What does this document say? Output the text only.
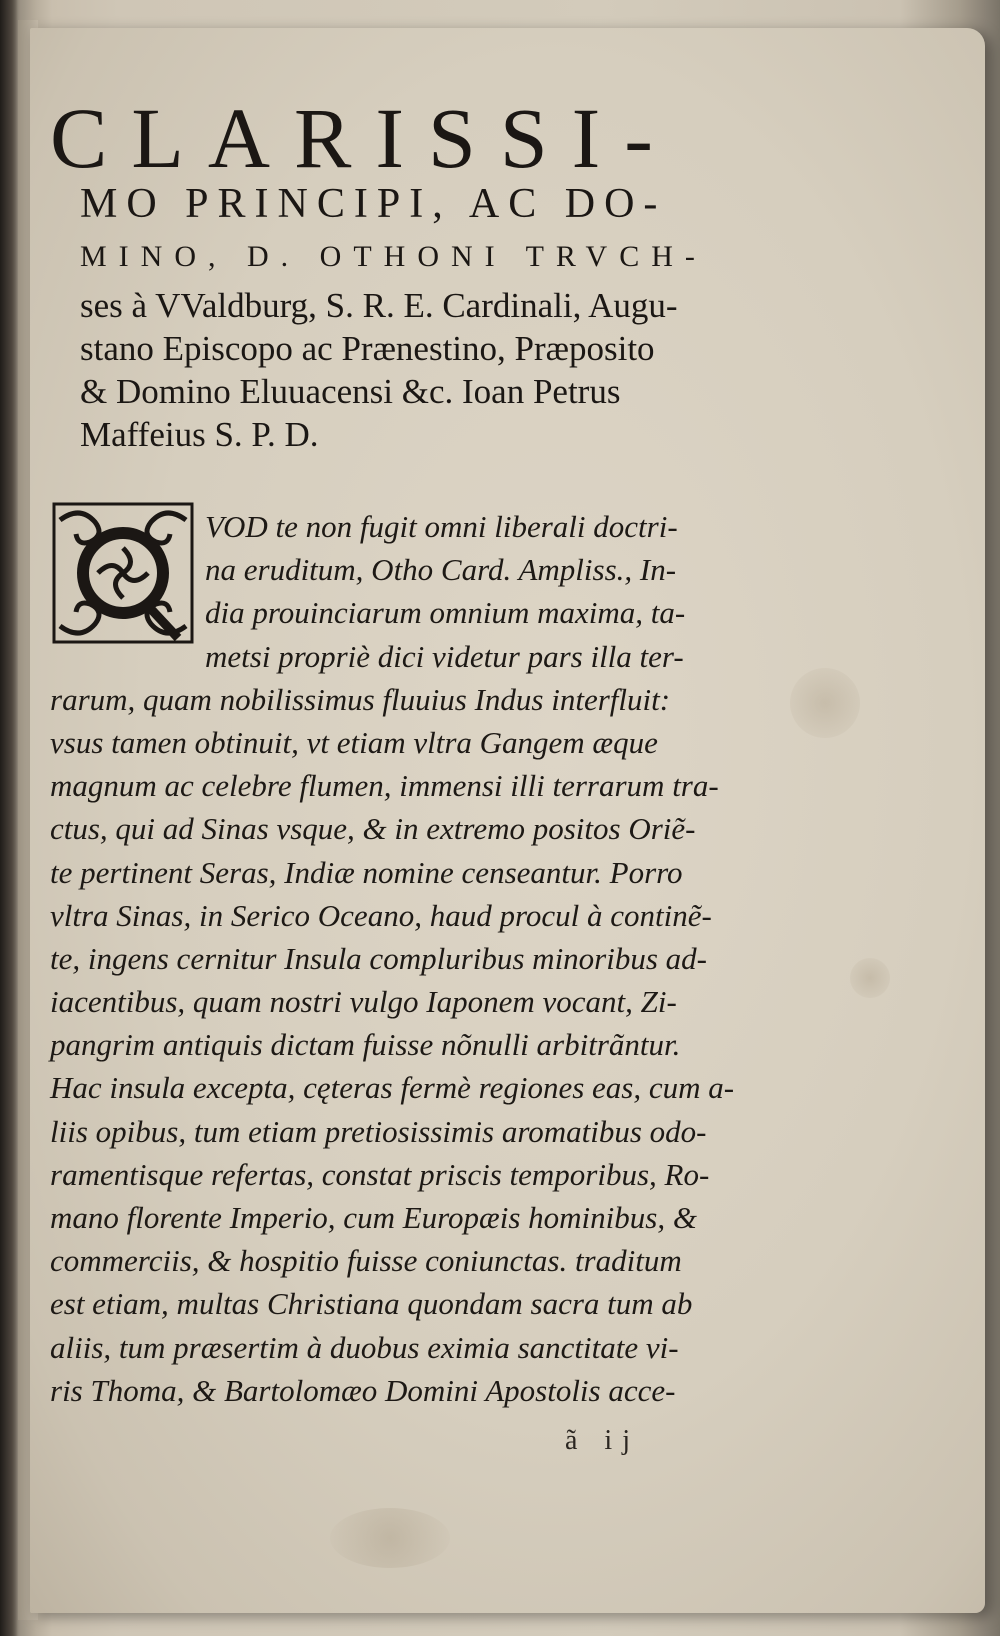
CLARISSI-

MO PRINCIPI, AC DO-

MINO, D. OTHONI TRVCH-

ses à VValdburg, S. R. E. Cardinali, Augu-
stano Episcopo ac Prænestino, Præposito
& Domino Eluuacensi &c. Ioan Petrus
Maffeius S. P. D.

VOD te non fugit omni liberali doctri-
na eruditum, Otho Card. Ampliss., In-
dia prouinciarum omnium maxima, ta-
metsi propriè dici videtur pars illa ter-
rarum, quam nobilissimus fluuius Indus interfluit:
vsus tamen obtinuit, vt etiam vltra Gangem æque
magnum ac celebre flumen, immensi illi terrarum tra-
ctus, qui ad Sinas vsque, & in extremo positos Oriẽ-
te pertinent Seras, Indiæ nomine censeantur. Porro
vltra Sinas, in Serico Oceano, haud procul à continẽ-
te, ingens cernitur Insula compluribus minoribus ad-
iacentibus, quam nostri vulgo Iaponem vocant, Zi-
pangrim antiquis dictam fuisse nõnulli arbitrãntur.
Hac insula excepta, cęteras fermè regiones eas, cum a-
liis opibus, tum etiam pretiosissimis aromatibus odo-
ramentisque refertas, constat priscis temporibus, Ro-
mano florente Imperio, cum Europæis hominibus, &
commerciis, & hospitio fuisse coniunctas. traditum
est etiam, multas Christiana quondam sacra tum ab
aliis, tum præsertim à duobus eximia sanctitate vi-
ris Thoma, & Bartolomæo Domini Apostolis acce-

ã ij
